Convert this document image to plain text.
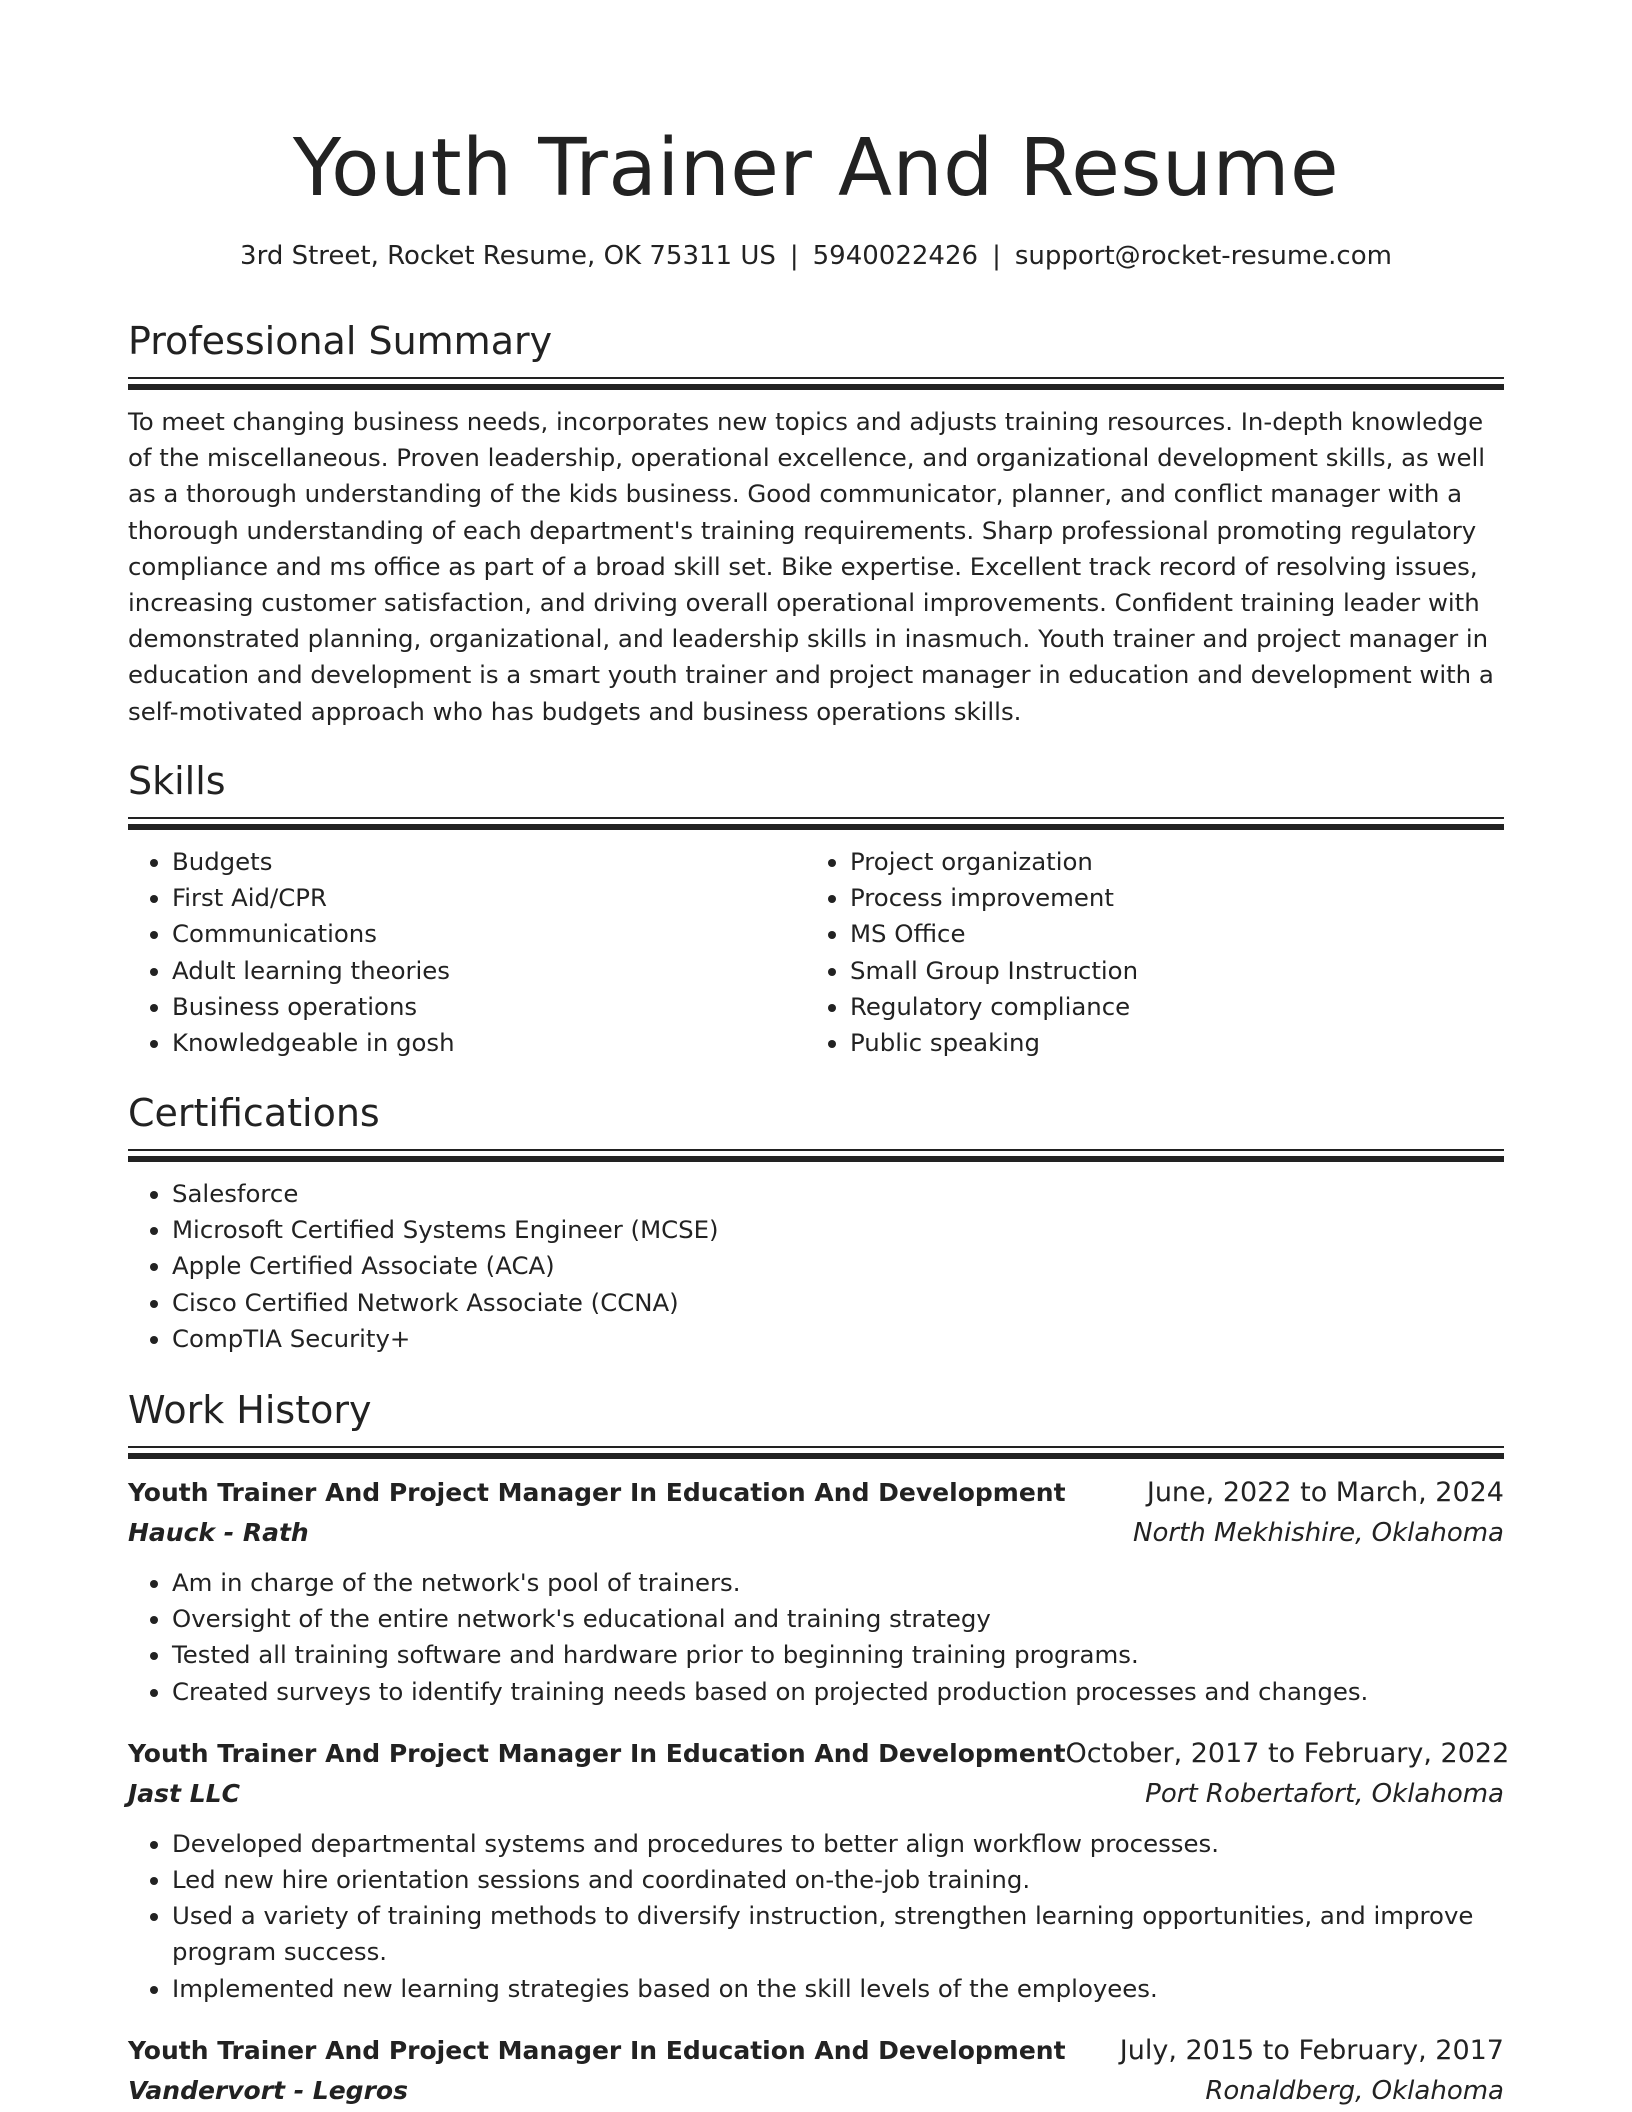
Youth Trainer And Resume
3rd Street, Rocket Resume, OK 75311 US | 5940022426 | support@rocket-resume.com
Professional Summary
To meet changing business needs, incorporates new topics and adjusts training resources. In-depth knowledge of the miscellaneous. Proven leadership, operational excellence, and organizational development skills, as well as a thorough understanding of the kids business. Good communicator, planner, and conflict manager with a thorough understanding of each department's training requirements. Sharp professional promoting regulatory compliance and ms office as part of a broad skill set. Bike expertise. Excellent track record of resolving issues, increasing customer satisfaction, and driving overall operational improvements. Confident training leader with demonstrated planning, organizational, and leadership skills in inasmuch. Youth trainer and project manager in education and development is a smart youth trainer and project manager in education and development with a self-motivated approach who has budgets and business operations skills.
Skills
• Budgets
• First Aid/CPR
• Communications
• Adult learning theories
• Business operations
• Knowledgeable in gosh
• Project organization
• Process improvement
• MS Office
• Small Group Instruction
• Regulatory compliance
• Public speaking
Certifications
• Salesforce
• Microsoft Certified Systems Engineer (MCSE)
• Apple Certified Associate (ACA)
• Cisco Certified Network Associate (CCNA)
• CompTIA Security+
Work History
Youth Trainer And Project Manager In Education And Development	June, 2022 to March, 2024
Hauck - Rath	North Mekhishire, Oklahoma
• Am in charge of the network's pool of trainers.
• Oversight of the entire network's educational and training strategy
• Tested all training software and hardware prior to beginning training programs.
• Created surveys to identify training needs based on projected production processes and changes.
Youth Trainer And Project Manager In Education And Development October, 2017 to February, 2022
Jast LLC	Port Robertafort, Oklahoma
• Developed departmental systems and procedures to better align workflow processes.
• Led new hire orientation sessions and coordinated on-the-job training.
• Used a variety of training methods to diversify instruction, strengthen learning opportunities, and improve program success.
• Implemented new learning strategies based on the skill levels of the employees.
Youth Trainer And Project Manager In Education And Development July, 2015 to February, 2017
Vandervort - Legros	Ronaldberg, Oklahoma
